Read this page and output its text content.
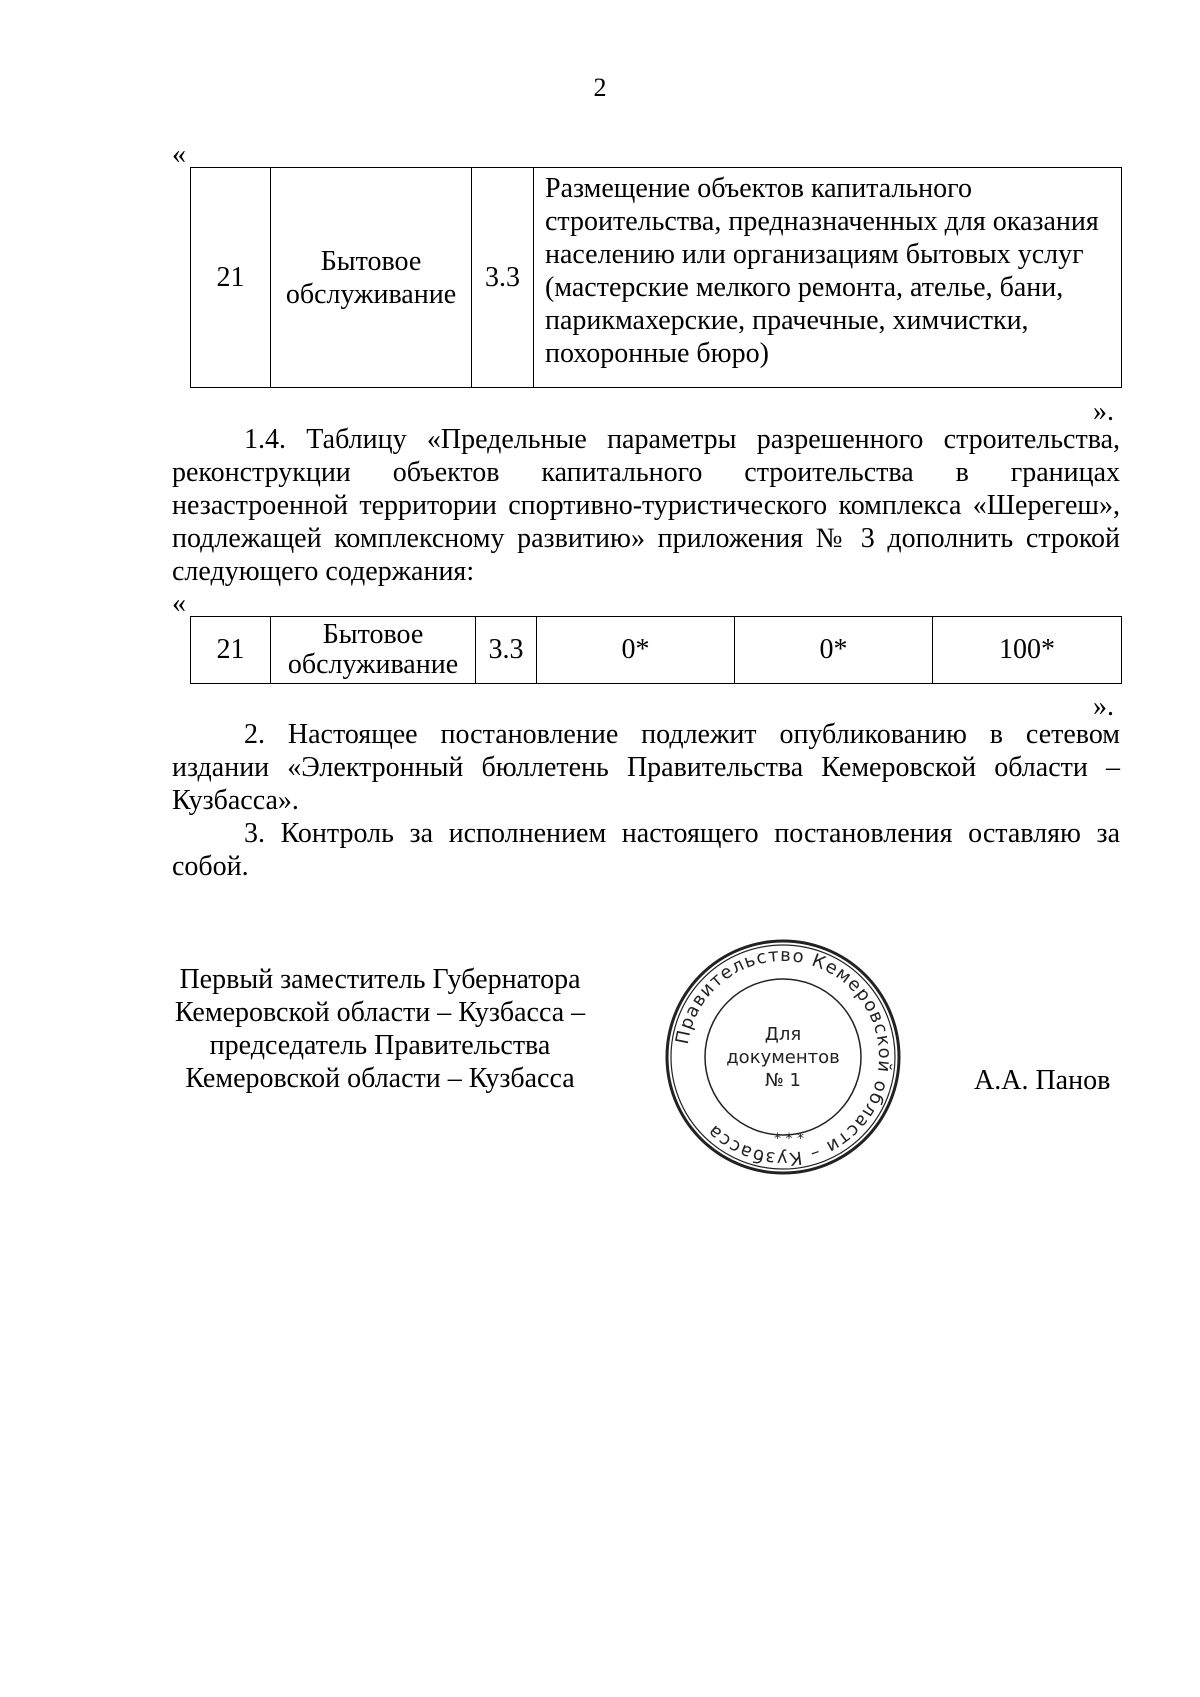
2
«
21	Бытовое обслуживание	3.3	Размещение объектов капитального строительства, предназначенных для оказания населению или организациям бытовых услуг (мастерские мелкого ремонта, ателье, бани, парикмахерские, прачечные, химчистки, похоронные бюро)
».

1.4. Таблицу «Предельные параметры разрешенного строительства, реконструкции объектов капитального строительства в границах незастроенной территории спортивно-туристического комплекса «Шерегеш», подлежащей комплексному развитию» приложения № 3 дополнить строкой следующего содержания:

«
21	Бытовое обслуживание	3.3	0*	0*	100*
».

2. Настоящее постановление подлежит опубликованию в сетевом издании «Электронный бюллетень Правительства Кемеровской области – Кузбасса».

3. Контроль за исполнением настоящего постановления оставляю за собой.

Первый заместитель Губернатора
Кемеровской области – Кузбасса –
председатель Правительства
Кемеровской области – Кузбасса
Правительство Кемеровской области – Кузбасса
Для
документов
№ 1
* * *
А.А. Панов
